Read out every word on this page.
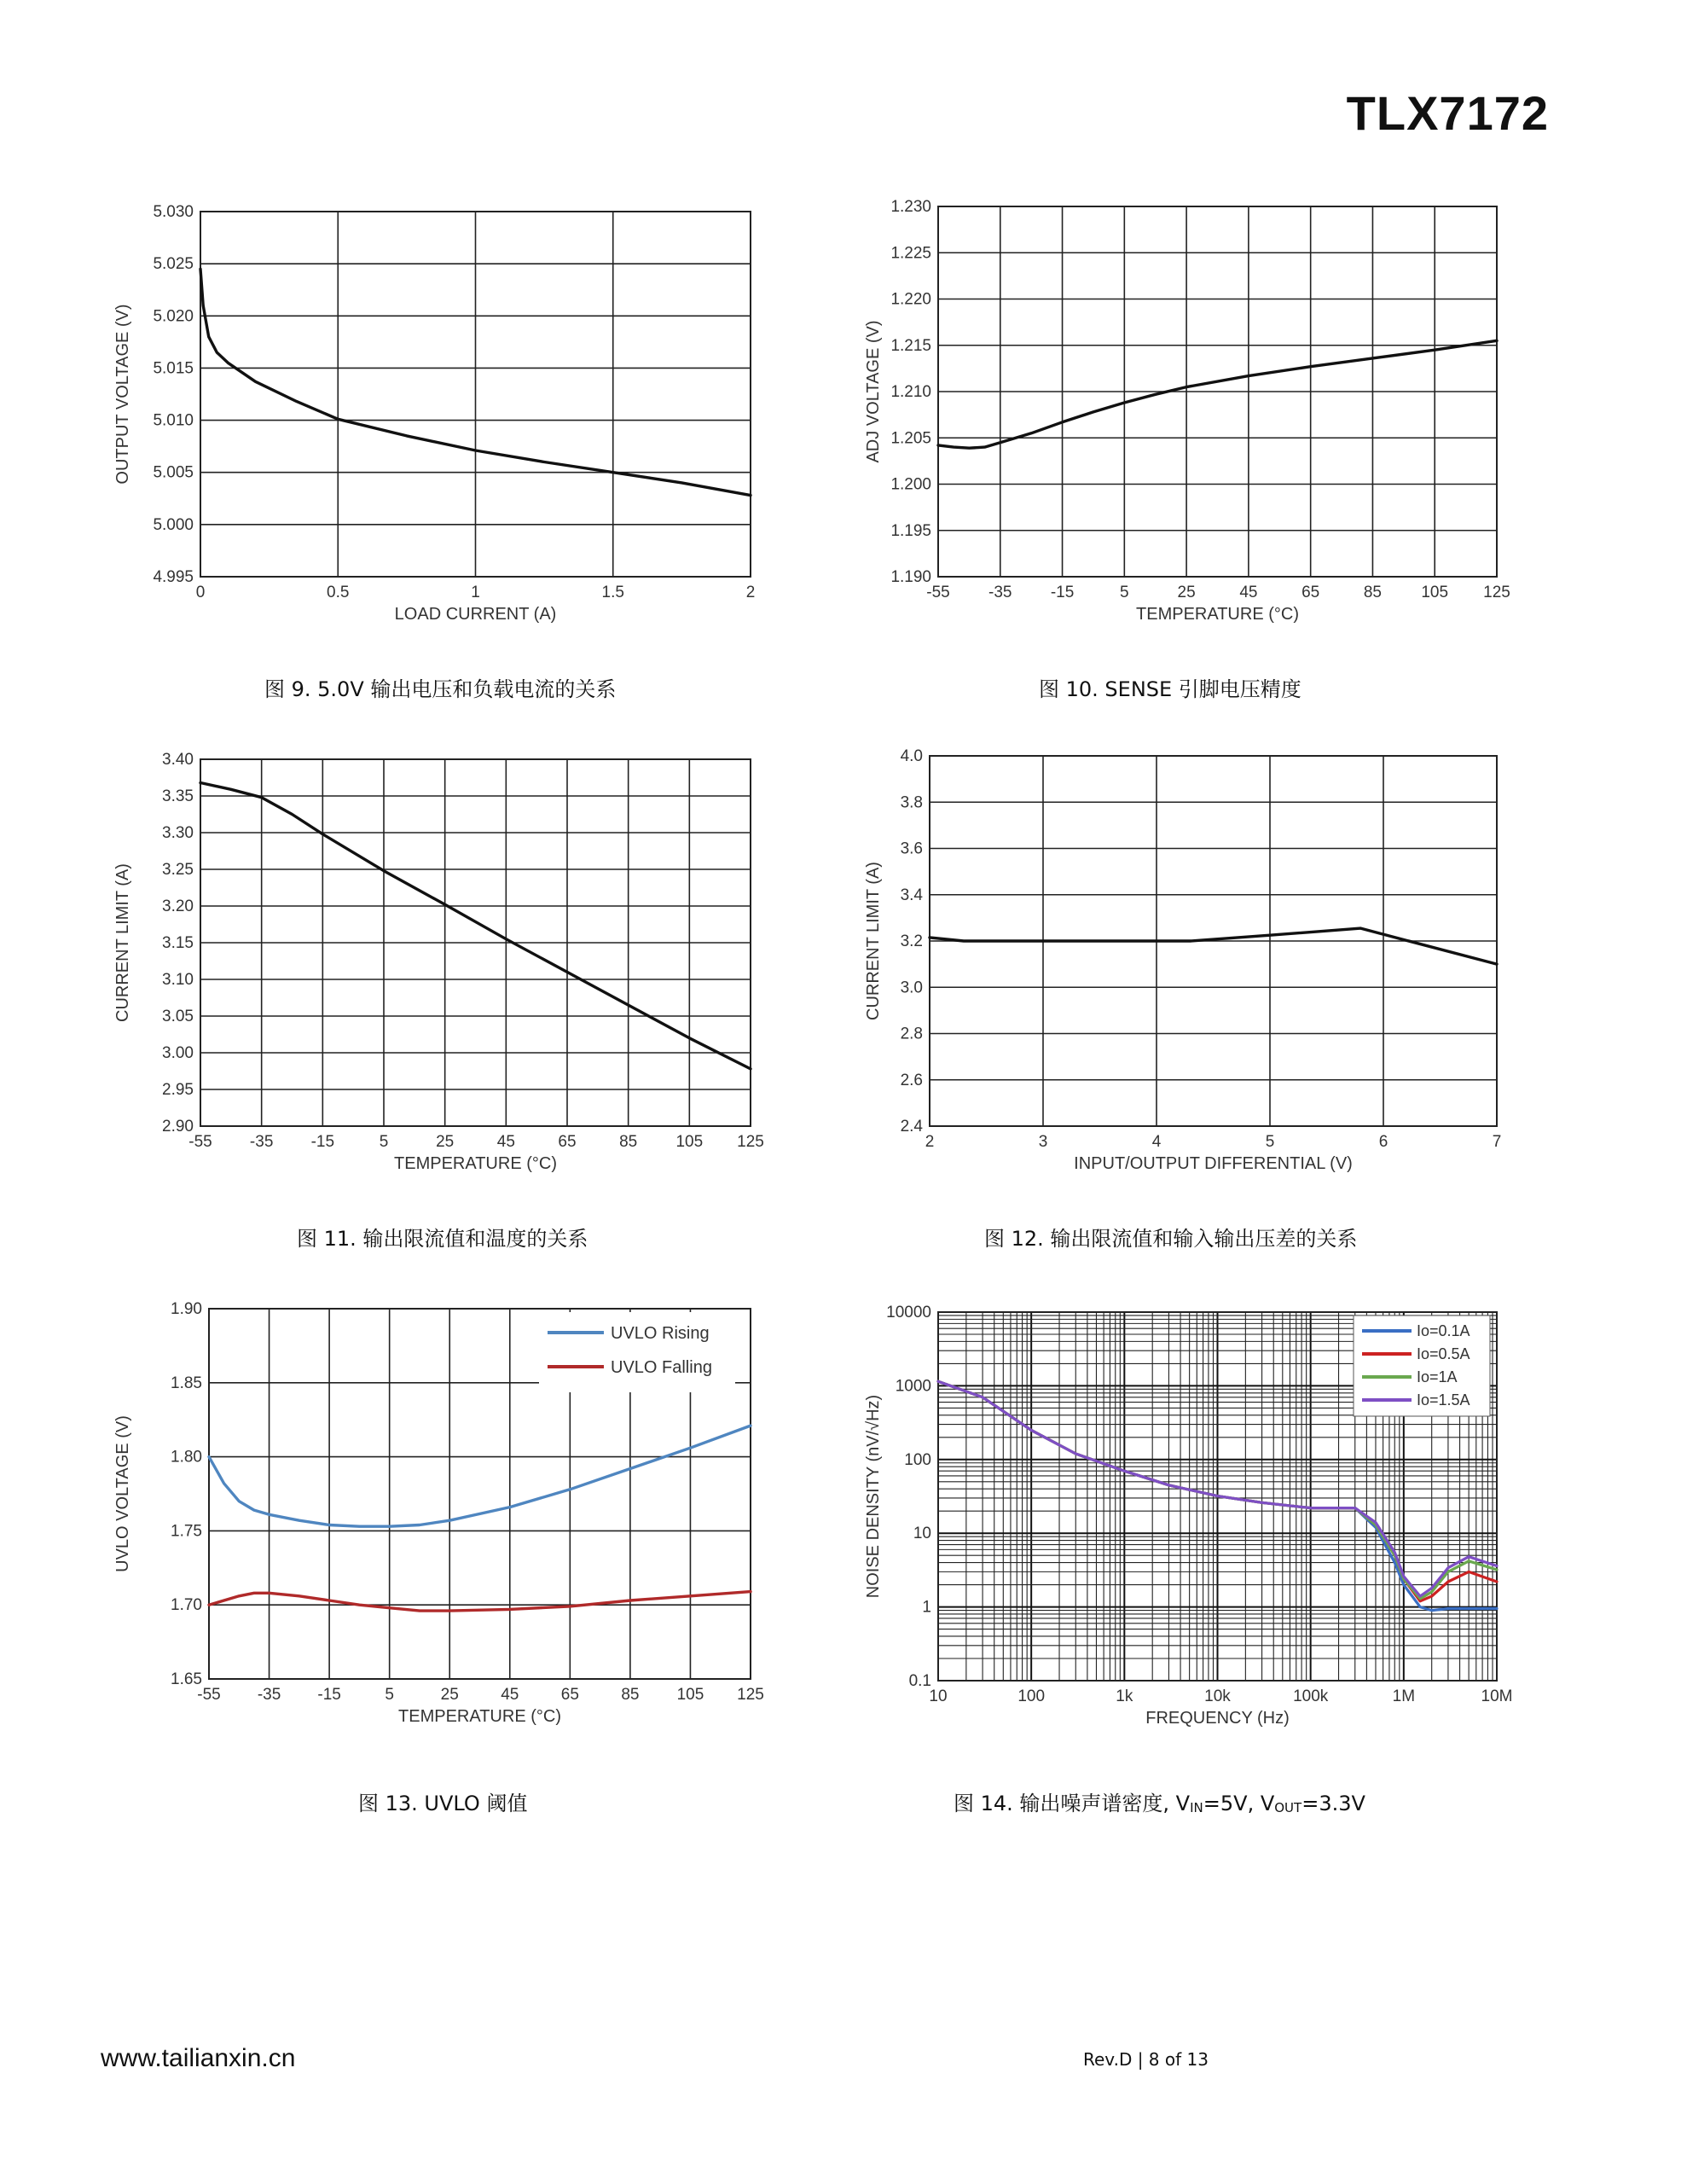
TLX7172
0	0.5	1	1.5	2
4.995
5.000
5.005
5.010
5.015
5.020
5.025
5.030
LOAD CURRENT (A)
OUTPUT VOLTAGE (V)
-55 -35 -15	5	25	45	65	85 105 125
1.190
1.195
1.200
1.205
1.210
1.215
1.220
1.225
1.230
TEMPERATURE (°C)
ADJ VOLTAGE (V)
-55 -35 -15	5	25	45	65	85 105 125
2.90
2.95
3.00
3.05
3.10
3.15
3.20
3.25
3.30
3.35
3.40
TEMPERATURE (°C)
CURRENT LIMIT (A)
2	3	4	5	6	7
2.4
2.6
2.8
3.0
3.2
3.4
3.6
3.8
4.0
INPUT/OUTPUT DIFFERENTIAL (V)
CURRENT LIMIT (A)
-55 -35 -15	5	25	45	65	85 105 125
1.65
1.70
1.75
1.80
1.85
1.90
TEMPERATURE (°C)
UVLO VOLTAGE (V)
UVLO Rising
UVLO Falling
10	100	1k	10k	100k	1M	10M
0.1
1
10
100
1000
10000
FREQUENCY (Hz)
NOISE DENSITY (nV/√Hz)
Io=0.1A
Io=0.5A
Io=1A
Io=1.5A
图 9. 5.0V 输出电压和负载电流的关系	图 10. SENSE 引脚电压精度
图 11. 输出限流值和温度的关系	图 12. 输出限流值和输入输出压差的关系
图 13. UVLO 阈值	图 14. 输出噪声谱密度, $V_{IN}=5V$, $V_{OUT}=3.3V$
www.tailianxin.cn	Rev.D | 8 of 13
